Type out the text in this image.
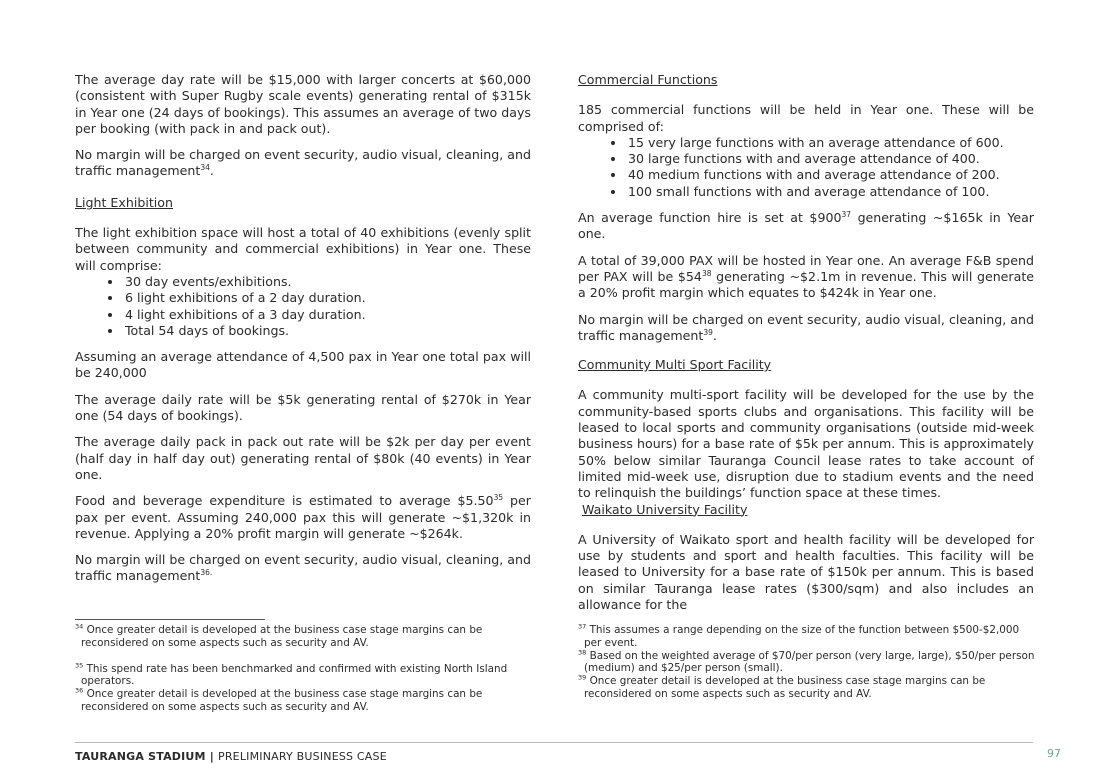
The average day rate will be $15,000 with larger concerts at $60,000 (consistent with Super Rugby scale events) generating rental of $315k in Year one (24 days of bookings). This assumes an average of two days per booking (with pack in and pack out).

No margin will be charged on event security, audio visual, cleaning, and traffic management$^{34}$.

Light Exhibition

The light exhibition space will host a total of 40 exhibitions (evenly split between community and commercial exhibitions) in Year one. These will comprise:

• 30 day events/exhibitions.
• 6 light exhibitions of a 2 day duration.
• 4 light exhibitions of a 3 day duration.
• Total 54 days of bookings.

Assuming an average attendance of 4,500 pax in Year one total pax will be 240,000

The average daily rate will be $5k generating rental of $270k in Year one (54 days of bookings).

The average daily pack in pack out rate will be $2k per day per event (half day in half day out) generating rental of $80k (40 events) in Year one.

Food and beverage expenditure is estimated to average $5.50$^{35}$ per pax per event. Assuming 240,000 pax this will generate ~$1,320k in revenue. Applying a 20% profit margin will generate ~$264k.

No margin will be charged on event security, audio visual, cleaning, and traffic management$^{36.}$

Commercial Functions

185 commercial functions will be held in Year one. These will be comprised of:

• 15 very large functions with an average attendance of 600.
• 30 large functions with and average attendance of 400.
• 40 medium functions with and average attendance of 200.
• 100 small functions with and average attendance of 100.

An average function hire is set at $\$900^{37}$ generating ~$165k in Year one.

A total of 39,000 PAX will be hosted in Year one. An average F&B spend per PAX will be $\$54^{38}$ generating ~$2.1m in revenue. This will generate a 20% profit margin which equates to $424k in Year one.

No margin will be charged on event security, audio visual, cleaning, and traffic management$^{39}$.

Community Multi Sport Facility

A community multi-sport facility will be developed for the use by the community-based sports clubs and organisations. This facility will be leased to local sports and community organisations (outside mid-week business hours) for a base rate of $5k per annum. This is approximately 50% below similar Tauranga Council lease rates to take account of limited mid-week use, disruption due to stadium events and the need to relinquish the buildings’ function space at these times.

Waikato University Facility

A University of Waikato sport and health facility will be developed for use by students and sport and health faculties. This facility will be leased to University for a base rate of $150k per annum. This is based on similar Tauranga lease rates ($300/sqm) and also includes an allowance for the

$^{34}$ Once greater detail is developed at the business case stage margins can be reconsidered on some aspects such as security and AV.
$^{35}$ This spend rate has been benchmarked and confirmed with existing North Island operators.
$^{36}$ Once greater detail is developed at the business case stage margins can be reconsidered on some aspects such as security and AV.
$^{37}$ This assumes a range depending on the size of the function between $500-$2,000 per event.
$^{38}$ Based on the weighted average of $70/per person (very large, large), $50/per person (medium) and $25/per person (small).
$^{39}$ Once greater detail is developed at the business case stage margins can be reconsidered on some aspects such as security and AV.
TAURANGA STADIUM | PRELIMINARY BUSINESS CASE	97
